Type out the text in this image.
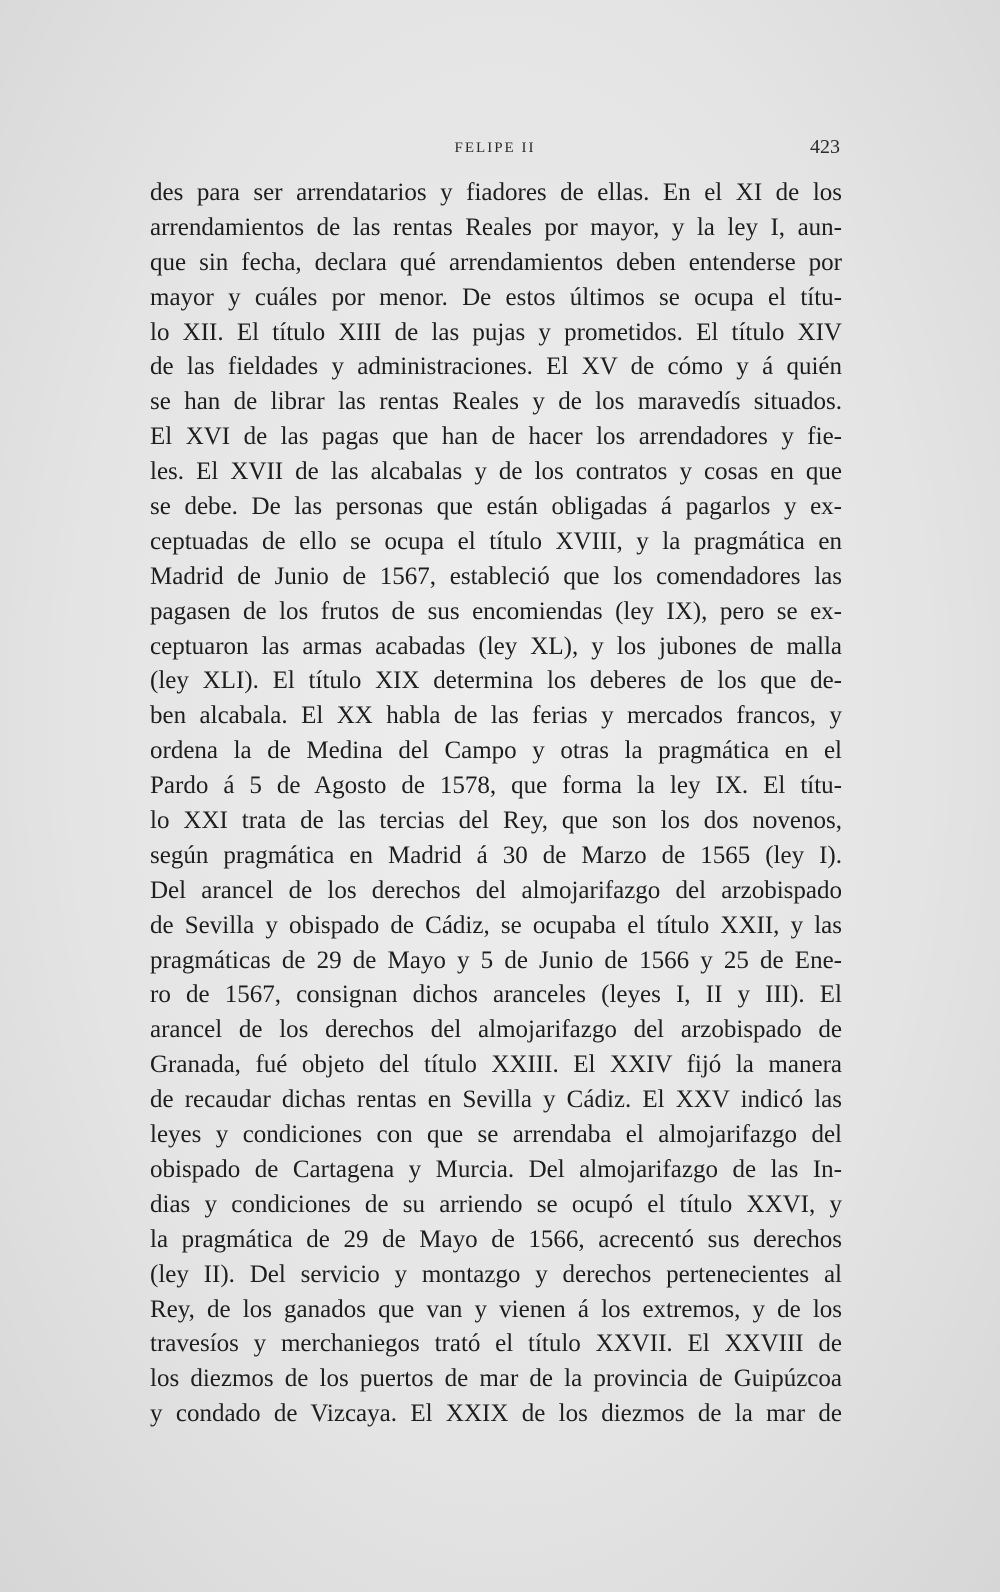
FELIPE II	423
des para ser arrendatarios y fiadores de ellas. En el XI de los
arrendamientos de las rentas Reales por mayor, y la ley I, aun-
que sin fecha, declara qué arrendamientos deben entenderse por
mayor y cuáles por menor. De estos últimos se ocupa el títu-
lo XII. El título XIII de las pujas y prometidos. El título XIV
de las fieldades y administraciones. El XV de cómo y á quién
se han de librar las rentas Reales y de los maravedís situados.
El XVI de las pagas que han de hacer los arrendadores y fie-
les. El XVII de las alcabalas y de los contratos y cosas en que
se debe. De las personas que están obligadas á pagarlos y ex-
ceptuadas de ello se ocupa el título XVIII, y la pragmática en
Madrid de Junio de 1567, estableció que los comendadores las
pagasen de los frutos de sus encomiendas (ley IX), pero se ex-
ceptuaron las armas acabadas (ley XL), y los jubones de malla
(ley XLI). El título XIX determina los deberes de los que de-
ben alcabala. El XX habla de las ferias y mercados francos, y
ordena la de Medina del Campo y otras la pragmática en el
Pardo á 5 de Agosto de 1578, que forma la ley IX. El títu-
lo XXI trata de las tercias del Rey, que son los dos novenos,
según pragmática en Madrid á 30 de Marzo de 1565 (ley I).
Del arancel de los derechos del almojarifazgo del arzobispado
de Sevilla y obispado de Cádiz, se ocupaba el título XXII, y las
pragmáticas de 29 de Mayo y 5 de Junio de 1566 y 25 de Ene-
ro de 1567, consignan dichos aranceles (leyes I, II y III). El
arancel de los derechos del almojarifazgo del arzobispado de
Granada, fué objeto del título XXIII. El XXIV fijó la manera
de recaudar dichas rentas en Sevilla y Cádiz. El XXV indicó las
leyes y condiciones con que se arrendaba el almojarifazgo del
obispado de Cartagena y Murcia. Del almojarifazgo de las In-
dias y condiciones de su arriendo se ocupó el título XXVI, y
la pragmática de 29 de Mayo de 1566, acrecentó sus derechos
(ley II). Del servicio y montazgo y derechos pertenecientes al
Rey, de los ganados que van y vienen á los extremos, y de los
travesíos y merchaniegos trató el título XXVII. El XXVIII de
los diezmos de los puertos de mar de la provincia de Guipúzcoa
y condado de Vizcaya. El XXIX de los diezmos de la mar de
